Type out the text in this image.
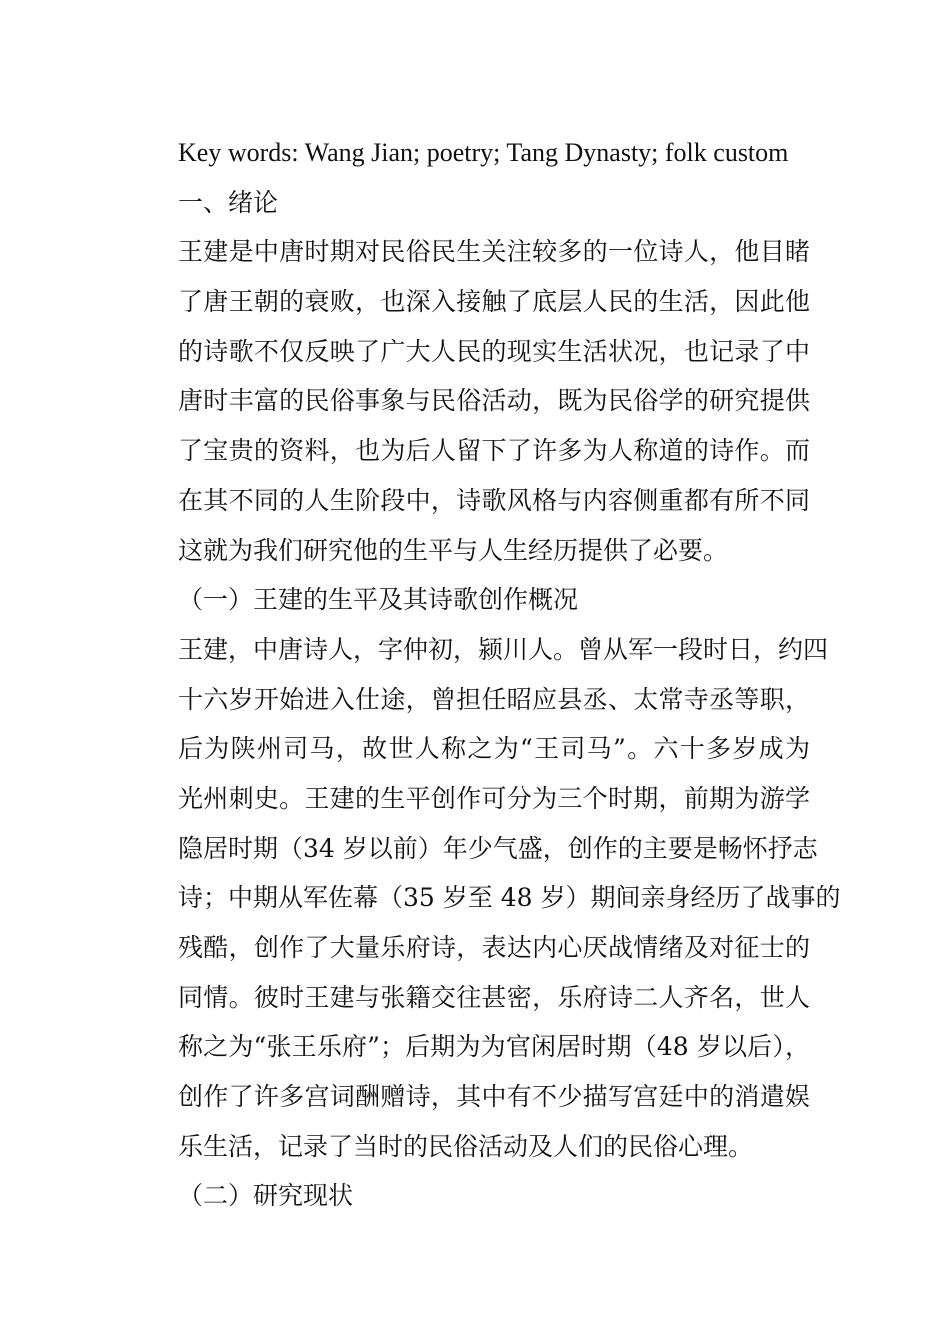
Key words: Wang Jian; poetry; Tang Dynasty; folk custom
一、绪论
王建是中唐时期对民俗民生关注较多的一位诗人，他目睹
了唐王朝的衰败，也深入接触了底层人民的生活，因此他
的诗歌不仅反映了广大人民的现实生活状况，也记录了中
唐时丰富的民俗事象与民俗活动，既为民俗学的研究提供
了宝贵的资料，也为后人留下了许多为人称道的诗作。而
在其不同的人生阶段中，诗歌风格与内容侧重都有所不同
这就为我们研究他的生平与人生经历提供了必要。
（一）王建的生平及其诗歌创作概况
王建，中唐诗人，字仲初，颍川人。曾从军一段时日，约四
十六岁开始进入仕途，曾担任昭应县丞、太常寺丞等职，
后为陕州司马，故世人称之为“王司马”。六十多岁成为
光州刺史。王建的生平创作可分为三个时期，前期为游学
隐居时期（34 岁以前）年少气盛，创作的主要是畅怀抒志
诗；中期从军佐幕（35 岁至 48 岁）期间亲身经历了战事的
残酷，创作了大量乐府诗，表达内心厌战情绪及对征士的
同情。彼时王建与张籍交往甚密，乐府诗二人齐名，世人
称之为“张王乐府”；后期为为官闲居时期（48 岁以后），
创作了许多宫词酬赠诗，其中有不少描写宫廷中的消遣娱
乐生活，记录了当时的民俗活动及人们的民俗心理。
（二）研究现状
